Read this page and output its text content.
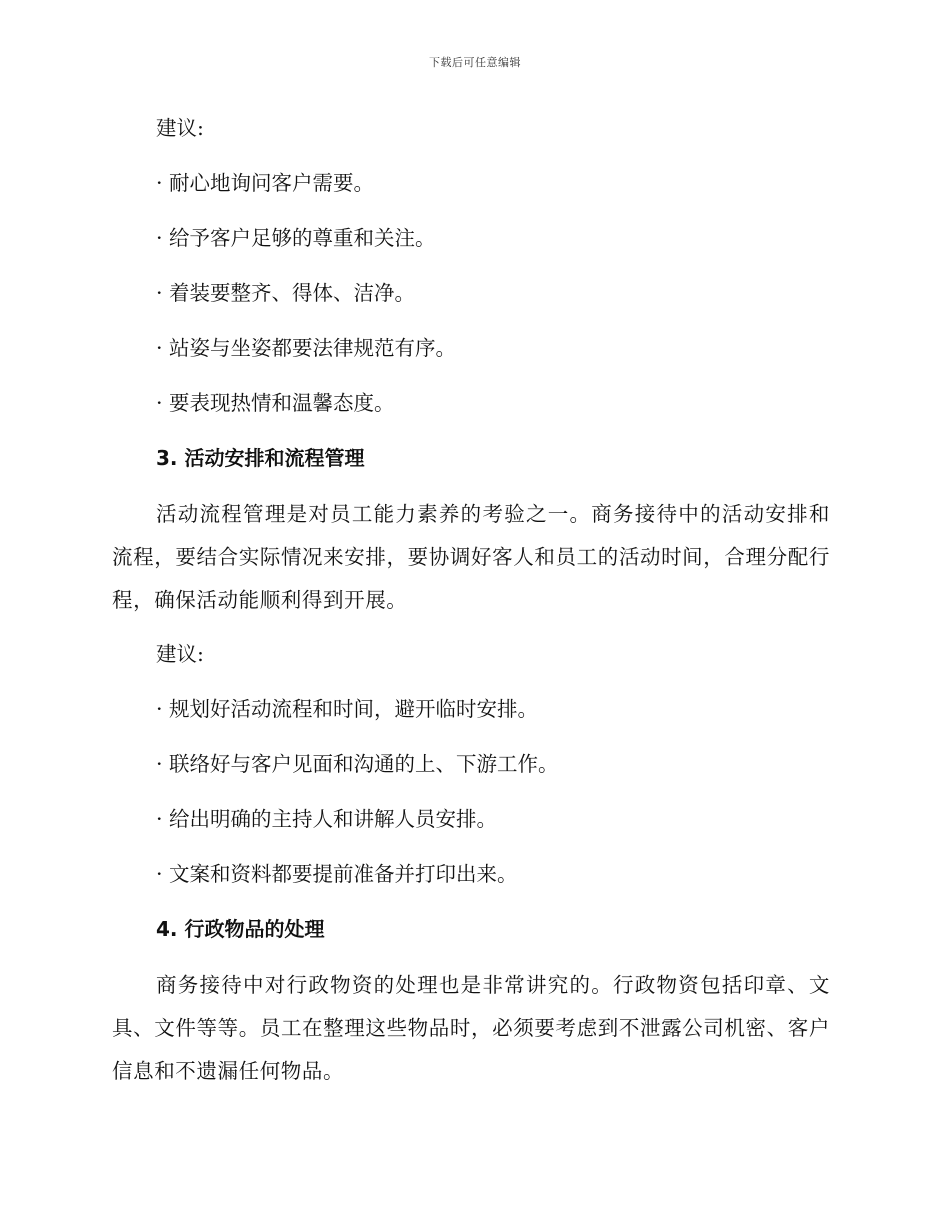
下载后可任意编辑

建议:

· 耐心地询问客户需要。

· 给予客户足够的尊重和关注。

· 着装要整齐、得体、洁净。

· 站姿与坐姿都要法律规范有序。

· 要表现热情和温馨态度。

3. 活动安排和流程管理

活动流程管理是对员工能力素养的考验之一。商务接待中的活动安排和流程，要结合实际情况来安排，要协调好客人和员工的活动时间，合理分配行程，确保活动能顺利得到开展。

建议:

· 规划好活动流程和时间，避开临时安排。

· 联络好与客户见面和沟通的上、下游工作。

· 给出明确的主持人和讲解人员安排。

· 文案和资料都要提前准备并打印出来。

4. 行政物品的处理

商务接待中对行政物资的处理也是非常讲究的。行政物资包括印章、文具、文件等等。员工在整理这些物品时，必须要考虑到不泄露公司机密、客户信息和不遗漏任何物品。
